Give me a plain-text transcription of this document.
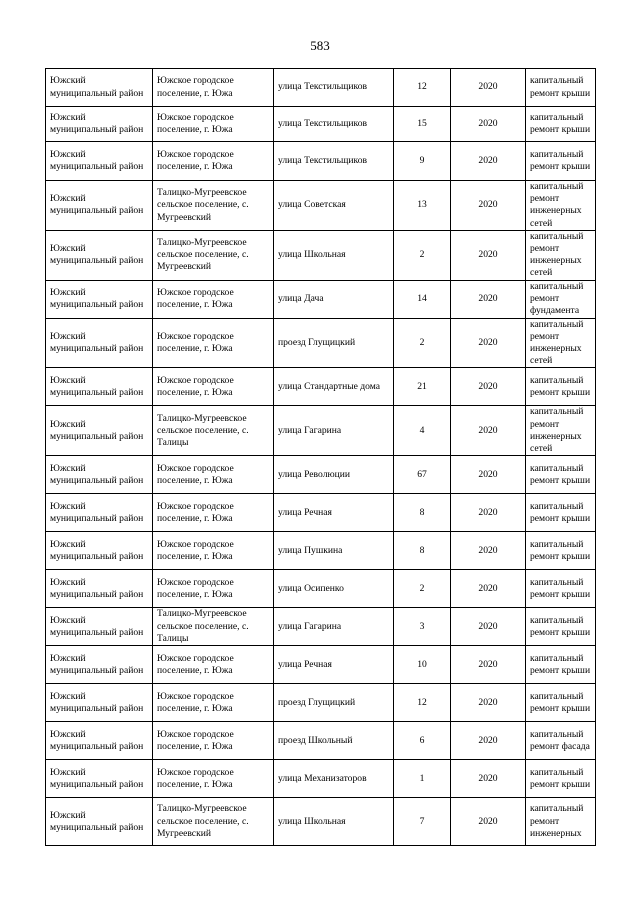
583
Южский муниципальный район	Южское городское поселение, г. Южа	улица Текстильщиков	12	2020	капитальный ремонт крыши
Южский муниципальный район	Южское городское поселение, г. Южа	улица Текстильщиков	15	2020	капитальный ремонт крыши
Южский муниципальный район	Южское городское поселение, г. Южа	улица Текстильщиков	9	2020	капитальный ремонт крыши
Южский муниципальный район	Талицко-Мугреевское сельское поселение, с. Мугреевский	улица Советская	13	2020	капитальный ремонт инженерных сетей
Южский муниципальный район	Талицко-Мугреевское сельское поселение, с. Мугреевский	улица Школьная	2	2020	капитальный ремонт инженерных сетей
Южский муниципальный район	Южское городское поселение, г. Южа	улица Дача	14	2020	капитальный ремонт фундамента
Южский муниципальный район	Южское городское поселение, г. Южа	проезд Глущицкий	2	2020	капитальный ремонт инженерных сетей
Южский муниципальный район	Южское городское поселение, г. Южа	улица Стандартные дома	21	2020	капитальный ремонт крыши
Южский муниципальный район	Талицко-Мугреевское сельское поселение, с. Талицы	улица Гагарина	4	2020	капитальный ремонт инженерных сетей
Южский муниципальный район	Южское городское поселение, г. Южа	улица Революции	67	2020	капитальный ремонт крыши
Южский муниципальный район	Южское городское поселение, г. Южа	улица Речная	8	2020	капитальный ремонт крыши
Южский муниципальный район	Южское городское поселение, г. Южа	улица Пушкина	8	2020	капитальный ремонт крыши
Южский муниципальный район	Южское городское поселение, г. Южа	улица Осипенко	2	2020	капитальный ремонт крыши
Южский муниципальный район	Талицко-Мугреевское сельское поселение, с. Талицы	улица Гагарина	3	2020	капитальный ремонт крыши
Южский муниципальный район	Южское городское поселение, г. Южа	улица Речная	10	2020	капитальный ремонт крыши
Южский муниципальный район	Южское городское поселение, г. Южа	проезд Глущицкий	12	2020	капитальный ремонт крыши
Южский муниципальный район	Южское городское поселение, г. Южа	проезд Школьный	6	2020	капитальный ремонт фасада
Южский муниципальный район	Южское городское поселение, г. Южа	улица Механизаторов	1	2020	капитальный ремонт крыши
Южский муниципальный район	Талицко-Мугреевское сельское поселение, с. Мугреевский	улица Школьная	7	2020	капитальный ремонт инженерных
